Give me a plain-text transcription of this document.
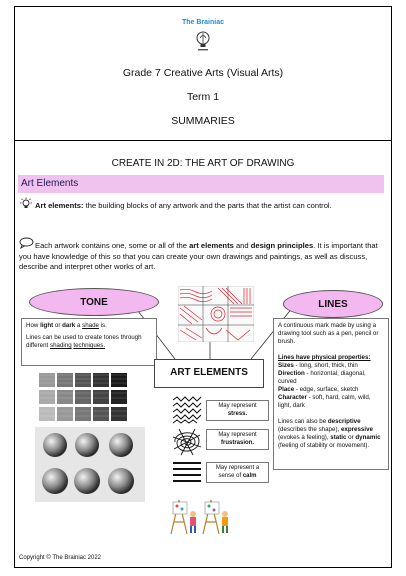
The Brainiac
Grade 7 Creative Arts (Visual Arts)
Term 1
SUMMARIES
CREATE IN 2D: THE ART OF DRAWING
Art Elements
Art elements: the building blocks of any artwork and the parts that the artist can control.
Each artwork contains one, some or all of the art elements and design principles. It is important that you have knowledge of this so that you can create your own drawings and paintings, as well as discuss, describe and interpret other works of art.
TONE	LINES
How light or dark a shade is.
Lines can be used to create tones through different shading techniques.
ART ELEMENTS
May represent
stress.
May represent
frustrasion.
May represent a sense of calm
A continuous mark made by using a drawing tool such as a pen, pencil or brush.
Lines have physical properties:
Sizes - long, short, thick, thin
Direction - horizontal, diagonal, curved
Place - edge, surface, sketch
Character - soft, hard, calm, wild, light, dark
Lines can also be descriptive (describes the shape), expressive (evokes a feeling), static or dynamic (feeling of stability or movement).
Copyright © The Brainiac 2022
